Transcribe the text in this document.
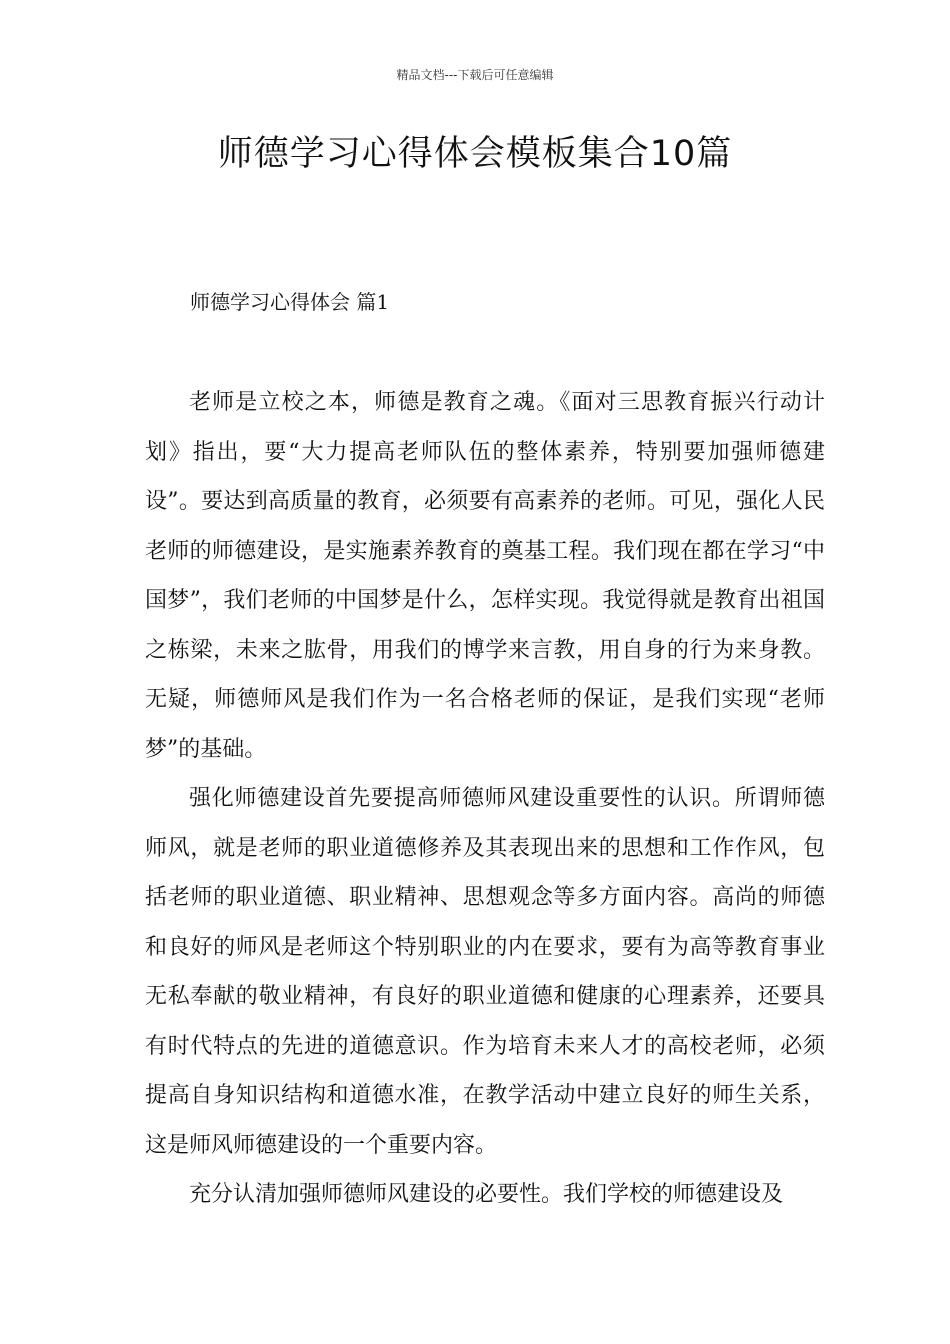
精品文档---下载后可任意编辑
师德学习心得体会模板集合10篇
师德学习心得体会 篇1

老师是立校之本，师德是教育之魂。《面对三思教育振兴行动计划》指出，要“大力提高老师队伍的整体素养，特别要加强师德建设”。要达到高质量的教育，必须要有高素养的老师。可见，强化人民老师的师德建设，是实施素养教育的奠基工程。我们现在都在学习“中国梦”，我们老师的中国梦是什么，怎样实现。我觉得就是教育出祖国之栋梁，未来之肱骨，用我们的博学来言教，用自身的行为来身教。无疑，师德师风是我们作为一名合格老师的保证，是我们实现“老师梦”的基础。

强化师德建设首先要提高师德师风建设重要性的认识。所谓师德师风，就是老师的职业道德修养及其表现出来的思想和工作作风，包括老师的职业道德、职业精神、思想观念等多方面内容。高尚的师德和良好的师风是老师这个特别职业的内在要求，要有为高等教育事业无私奉献的敬业精神，有良好的职业道德和健康的心理素养，还要具有时代特点的先进的道德意识。作为培育未来人才的高校老师，必须提高自身知识结构和道德水准，在教学活动中建立良好的师生关系，这是师风师德建设的一个重要内容。

充分认清加强师德师风建设的必要性。我们学校的师德建设及
